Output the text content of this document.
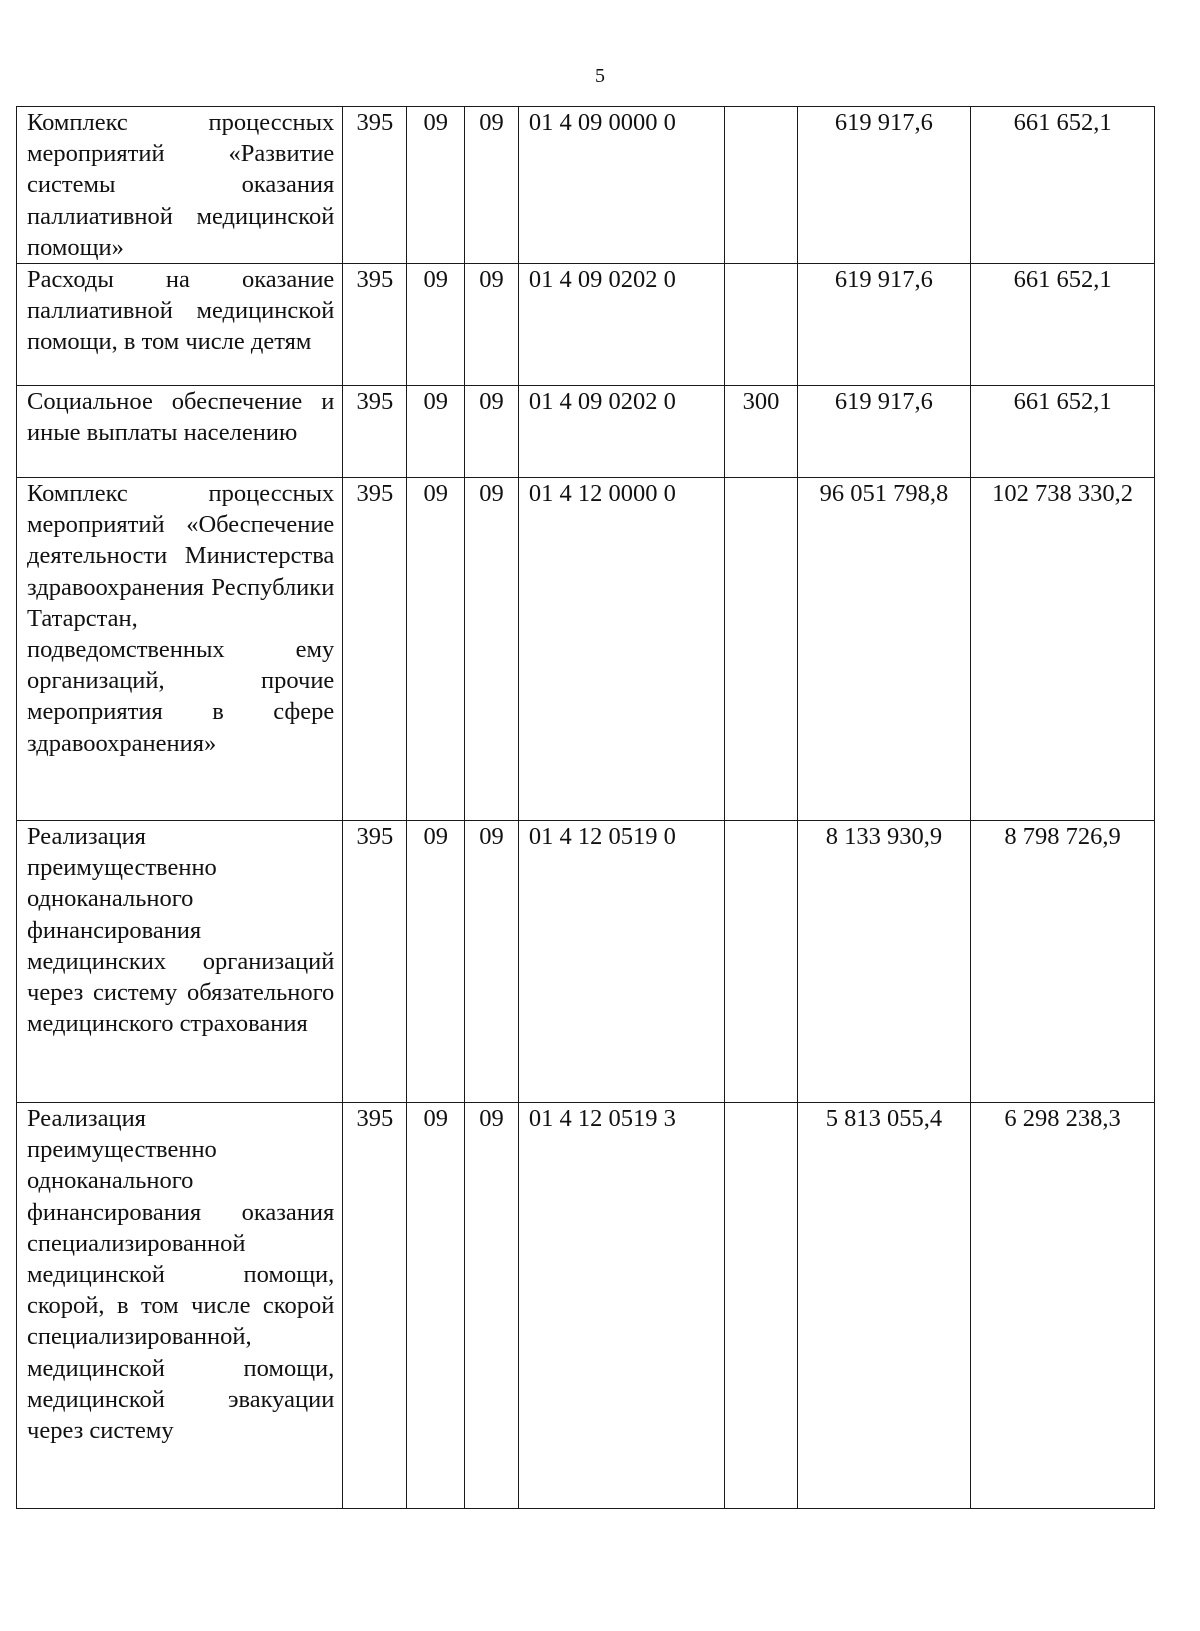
5
Комплекс процессных мероприятий «Развитие системы оказания паллиативной медицинской помощи»	395	09	09	01 4 09 0000 0		619 917,6	661 652,1
Расходы на оказание паллиативной медицинской помощи, в том числе детям	395	09	09	01 4 09 0202 0		619 917,6	661 652,1
Социальное обеспечение и иные выплаты населению	395	09	09	01 4 09 0202 0	300	619 917,6	661 652,1
Комплекс процессных мероприятий «Обеспечение деятельности Министерства здравоохранения Республики Татарстан, подведомственных ему организаций, прочие мероприятия в сфере здравоохранения»	395	09	09	01 4 12 0000 0		96 051 798,8	102 738 330,2
Реализация преимущественно одноканального финансирования медицинских организаций через систему обязательного медицинского страхования	395	09	09	01 4 12 0519 0		8 133 930,9	8 798 726,9
Реализация преимущественно одноканального финансирования оказания специализированной медицинской помощи, скорой, в том числе скорой специализированной, медицинской помощи, медицинской эвакуации через систему	395	09	09	01 4 12 0519 3		5 813 055,4	6 298 238,3
